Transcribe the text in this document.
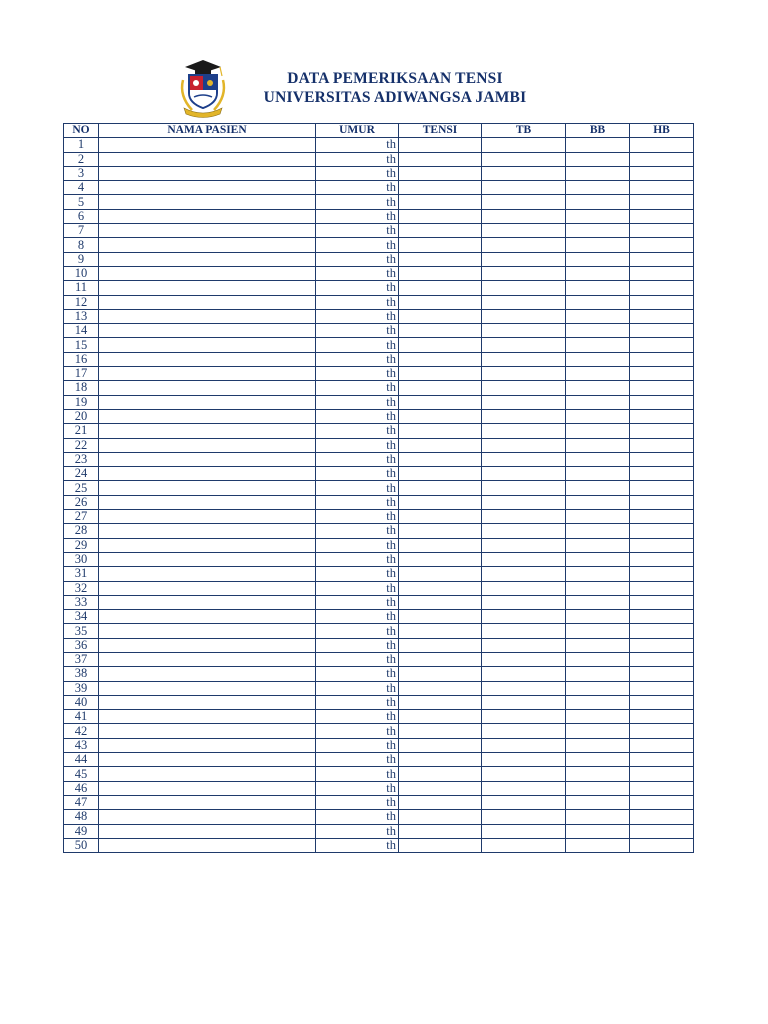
DATA PEMERIKSAAN TENSI
UNIVERSITAS ADIWANGSA JAMBI
NO	NAMA PASIEN	UMUR	TENSI	TB	BB	HB
1		th				
2		th				
3		th				
4		th				
5		th				
6		th				
7		th				
8		th				
9		th				
10		th				
11		th				
12		th				
13		th				
14		th				
15		th				
16		th				
17		th				
18		th				
19		th				
20		th				
21		th				
22		th				
23		th				
24		th				
25		th				
26		th				
27		th				
28		th				
29		th				
30		th				
31		th				
32		th				
33		th				
34		th				
35		th				
36		th				
37		th				
38		th				
39		th				
40		th				
41		th				
42		th				
43		th				
44		th				
45		th				
46		th				
47		th				
48		th				
49		th				
50		th				
